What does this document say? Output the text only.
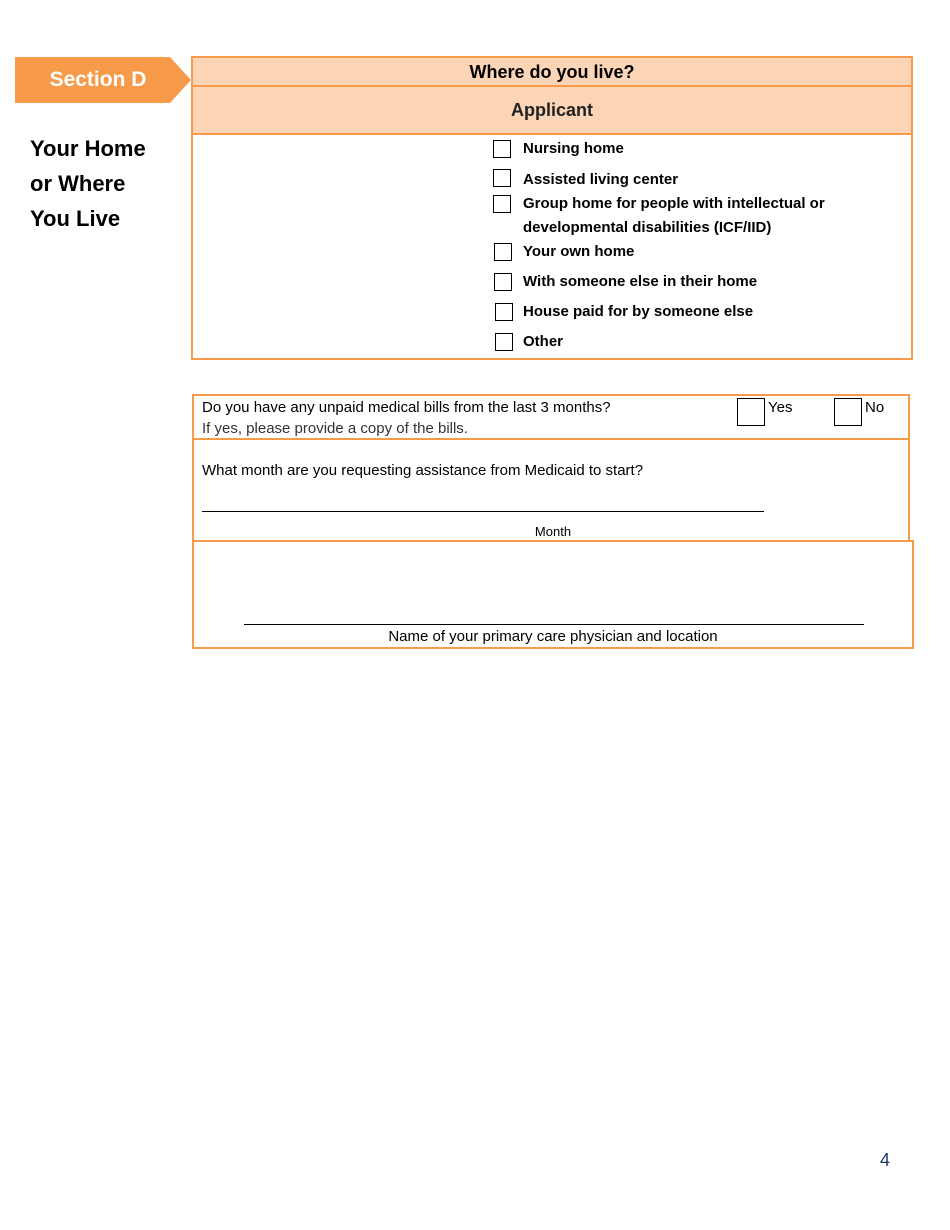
Section D
Your Home
or Where
You Live
Where do you live?
Applicant
Nursing home
Assisted living center
Group home for people with intellectual or developmental disabilities (ICF/IID)
Your own home
With someone else in their home
House paid for by someone else
Other
Do you have any unpaid medical bills from the last 3 months?
If yes, please provide a copy of the bills.
Yes	No
What month are you requesting assistance from Medicaid to start?
Month
Name of your primary care physician and location
4
